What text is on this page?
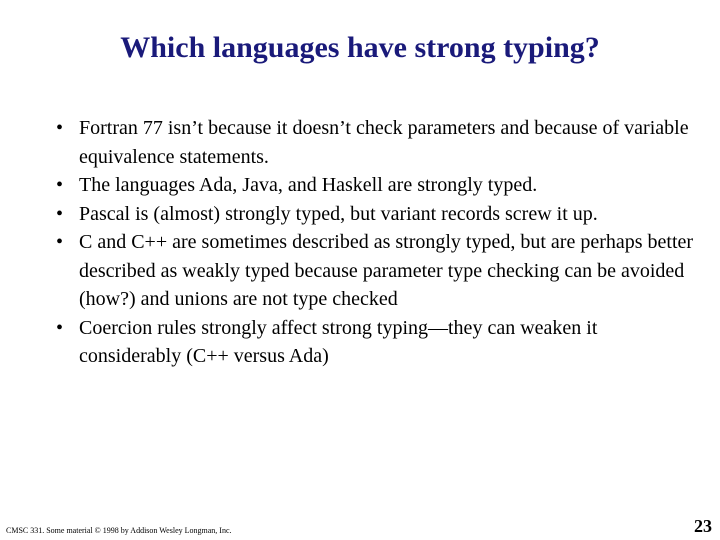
Which languages have strong typing?
• Fortran 77 isn’t because it doesn’t check parameters and because of variable equivalence statements.
• The languages Ada, Java, and Haskell are strongly typed.
• Pascal is (almost) strongly typed, but variant records screw it up.
• C and C++ are sometimes described as strongly typed, but are perhaps better described as weakly typed because parameter type checking can be avoided (how?) and unions are not type checked
• Coercion rules strongly affect strong typing—they can weaken it considerably (C++ versus Ada)
CMSC 331. Some material © 1998 by Addison Wesley Longman, Inc.	23
